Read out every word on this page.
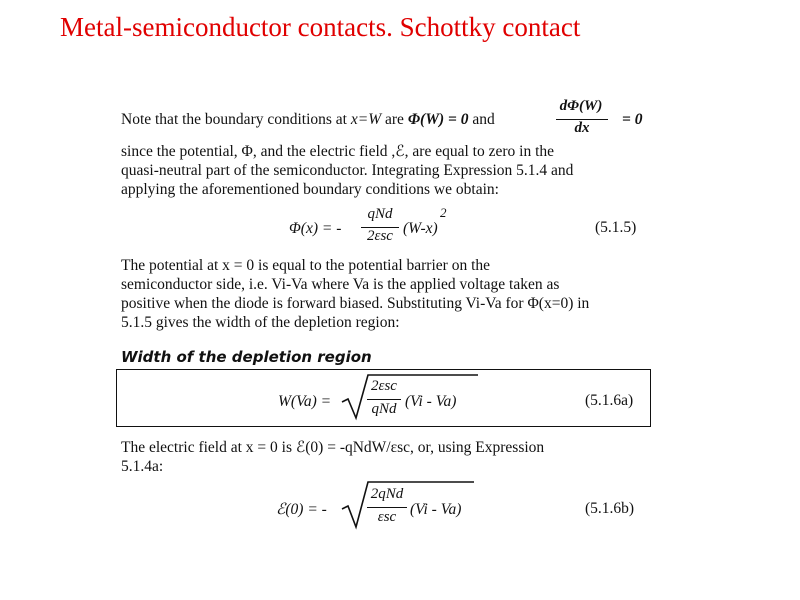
Metal-semiconductor contacts. Schottky contact
Note that the boundary conditions at x=W are Φ(W) = 0 and
dΦ(W)
dx	= 0
since the potential, Φ, and the electric field ,ℰ, are equal to zero in the
quasi-neutral part of the semiconductor. Integrating Expression 5.1.4 and
applying the aforementioned boundary conditions we obtain:
Φ(x) = -
qNd
2εsc (W-x)
2
(5.1.5)
The potential at x = 0 is equal to the potential barrier on the
semiconductor side, i.e. Vi-Va where Va is the applied voltage taken as
positive when the diode is forward biased. Substituting Vi-Va for Φ(x=0) in
5.1.5 gives the width of the depletion region:
Width of the depletion region
W(Va) =
2εsc
qNd (Vi - Va)	(5.1.6a)
The electric field at x = 0 is ℰ(0) = -qNdW/εsc, or, using Expression
5.1.4a:
ℰ(0) = -
2qNd
εsc (Vi - Va)	(5.1.6b)
